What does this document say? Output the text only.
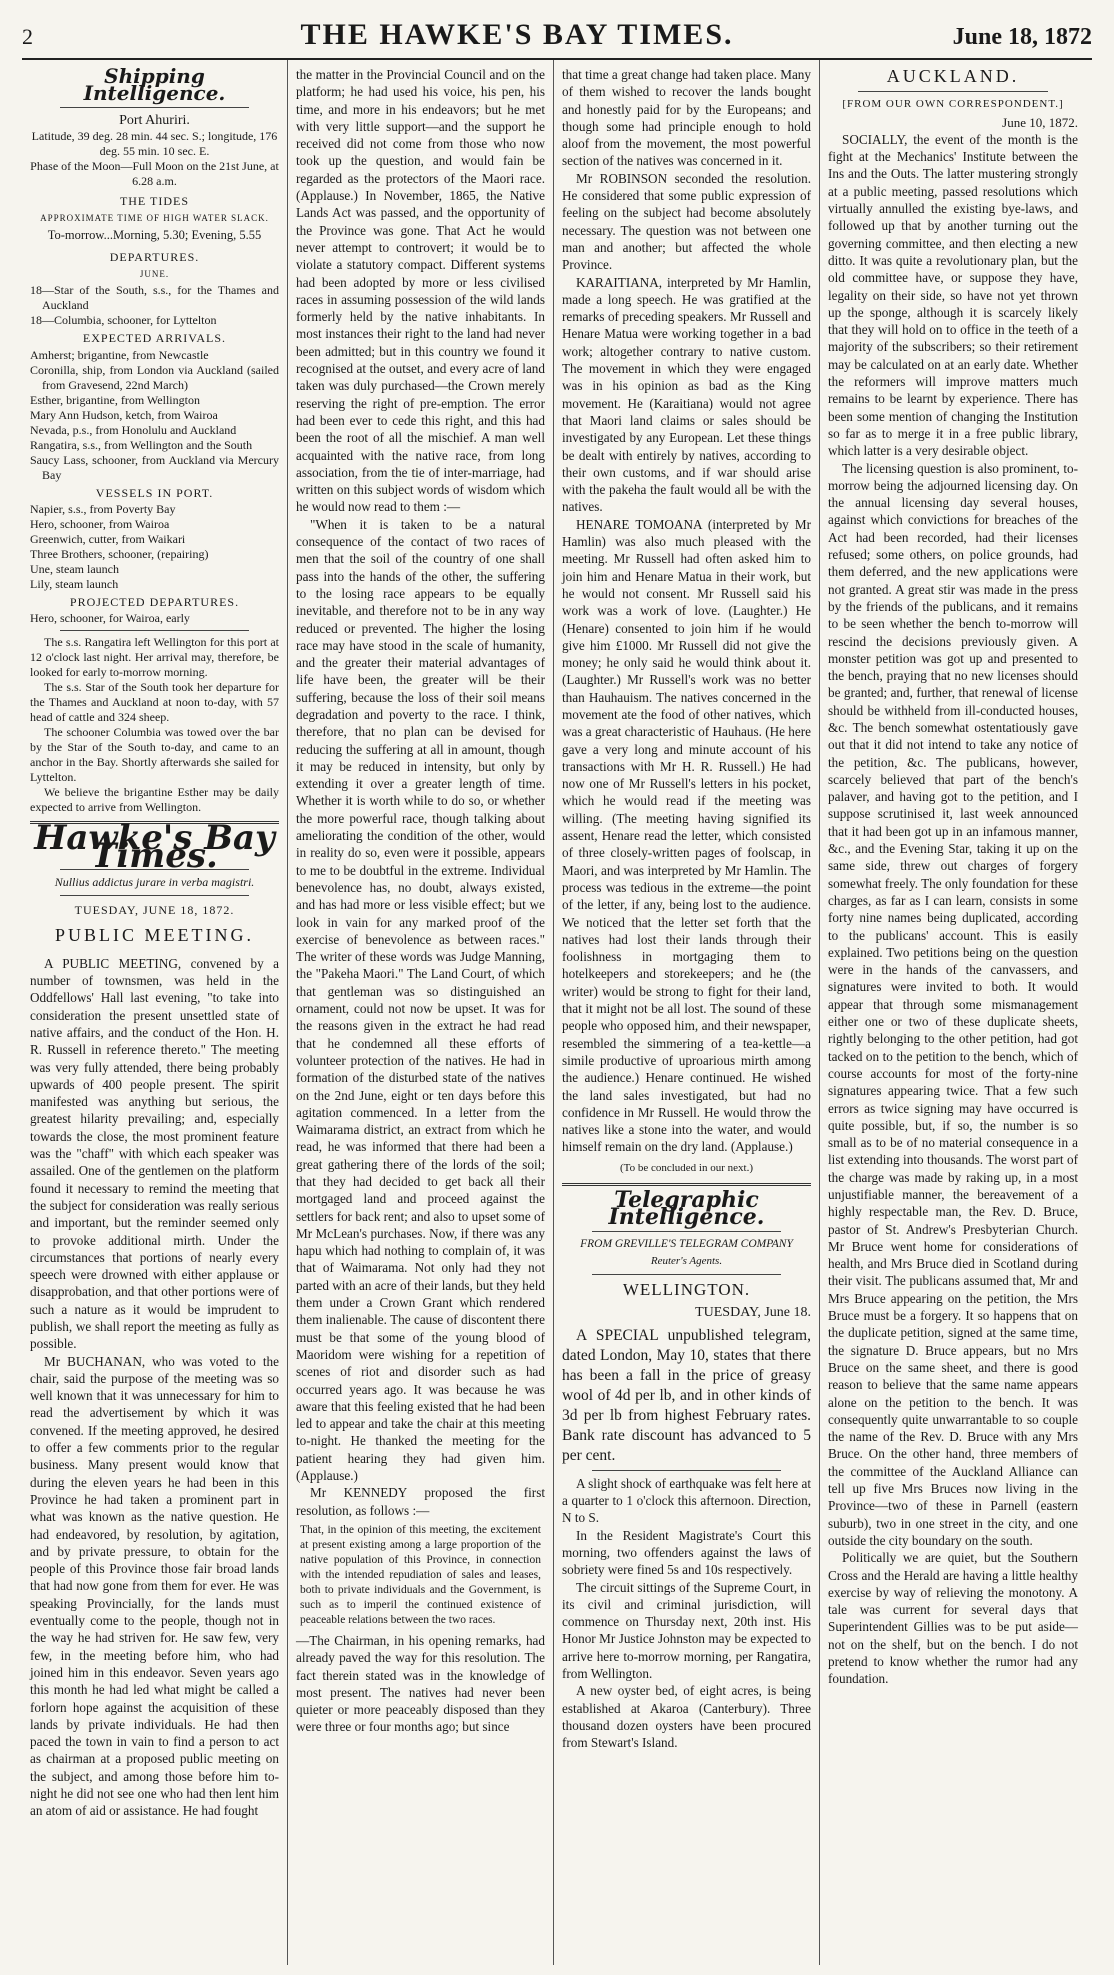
2	THE HAWKE'S BAY TIMES.	June 18, 1872
Shipping Intelligence.
Port Ahuriri.
Latitude, 39 deg. 28 min. 44 sec. S.; longitude, 176 deg. 55 min. 10 sec. E.
Phase of the Moon—Full Moon on the 21st June, at 6.28 a.m.
THE TIDES
APPROXIMATE TIME OF HIGH WATER SLACK.
To-morrow...Morning, 5.30; Evening, 5.55
DEPARTURES.
JUNE.
18—Star of the South, s.s., for the Thames and Auckland
18—Columbia, schooner, for Lyttelton
EXPECTED ARRIVALS.
Amherst; brigantine, from Newcastle
Coronilla, ship, from London via Auckland (sailed from Gravesend, 22nd March)
Esther, brigantine, from Wellington
Mary Ann Hudson, ketch, from Wairoa
Nevada, p.s., from Honolulu and Auckland
Rangatira, s.s., from Wellington and the South
Saucy Lass, schooner, from Auckland via Mercury Bay
VESSELS IN PORT.
Napier, s.s., from Poverty Bay
Hero, schooner, from Wairoa
Greenwich, cutter, from Waikari
Three Brothers, schooner, (repairing)
Une, steam launch
Lily, steam launch
PROJECTED DEPARTURES.
Hero, schooner, for Wairoa, early

The s.s. Rangatira left Wellington for this port at 12 o'clock last night. Her arrival may, therefore, be looked for early to-morrow morning.

The s.s. Star of the South took her departure for the Thames and Auckland at noon to-day, with 57 head of cattle and 324 sheep.

The schooner Columbia was towed over the bar by the Star of the South to-day, and came to an anchor in the Bay. Shortly afterwards she sailed for Lyttelton.

We believe the brigantine Esther may be daily expected to arrive from Wellington.

Hawke's Bay Times.
Nullius addictus jurare in verba magistri.
TUESDAY, JUNE 18, 1872.
PUBLIC MEETING.

A PUBLIC MEETING, convened by a number of townsmen, was held in the Oddfellows' Hall last evening, "to take into consideration the present unsettled state of native affairs, and the conduct of the Hon. H. R. Russell in reference thereto." The meeting was very fully attended, there being probably upwards of 400 people present. The spirit manifested was anything but serious, the greatest hilarity prevailing; and, especially towards the close, the most prominent feature was the "chaff" with which each speaker was assailed. One of the gentlemen on the platform found it necessary to remind the meeting that the subject for consideration was really serious and important, but the reminder seemed only to provoke additional mirth. Under the circumstances that portions of nearly every speech were drowned with either applause or disapprobation, and that other portions were of such a nature as it would be imprudent to publish, we shall report the meeting as fully as possible.

Mr BUCHANAN, who was voted to the chair, said the purpose of the meeting was so well known that it was unnecessary for him to read the advertisement by which it was convened. If the meeting approved, he desired to offer a few comments prior to the regular business. Many present would know that during the eleven years he had been in this Province he had taken a prominent part in what was known as the native question. He had endeavored, by resolution, by agitation, and by private pressure, to obtain for the people of this Province those fair broad lands that had now gone from them for ever. He was speaking Provincially, for the lands must eventually come to the people, though not in the way he had striven for. He saw few, very few, in the meeting before him, who had joined him in this endeavor. Seven years ago this month he had led what might be called a forlorn hope against the acquisition of these lands by private individuals. He had then paced the town in vain to find a person to act as chairman at a proposed public meeting on the subject, and among those before him to-night he did not see one who had then lent him an atom of aid or assistance. He had fought

the matter in the Provincial Council and on the platform; he had used his voice, his pen, his time, and more in his endeavors; but he met with very little support—and the support he received did not come from those who now took up the question, and would fain be regarded as the protectors of the Maori race. (Applause.) In November, 1865, the Native Lands Act was passed, and the opportunity of the Province was gone. That Act he would never attempt to controvert; it would be to violate a statutory compact. Different systems had been adopted by more or less civilised races in assuming possession of the wild lands formerly held by the native inhabitants. In most instances their right to the land had never been admitted; but in this country we found it recognised at the outset, and every acre of land taken was duly purchased—the Crown merely reserving the right of pre-emption. The error had been ever to cede this right, and this had been the root of all the mischief. A man well acquainted with the native race, from long association, from the tie of inter-marriage, had written on this subject words of wisdom which he would now read to them :—

"When it is taken to be a natural consequence of the contact of two races of men that the soil of the country of one shall pass into the hands of the other, the suffering to the losing race appears to be equally inevitable, and therefore not to be in any way reduced or prevented. The higher the losing race may have stood in the scale of humanity, and the greater their material advantages of life have been, the greater will be their suffering, because the loss of their soil means degradation and poverty to the race. I think, therefore, that no plan can be devised for reducing the suffering at all in amount, though it may be reduced in intensity, but only by extending it over a greater length of time. Whether it is worth while to do so, or whether the more powerful race, though talking about ameliorating the condition of the other, would in reality do so, even were it possible, appears to me to be doubtful in the extreme. Individual benevolence has, no doubt, always existed, and has had more or less visible effect; but we look in vain for any marked proof of the exercise of benevolence as between races." The writer of these words was Judge Manning, the "Pakeha Maori." The Land Court, of which that gentleman was so distinguished an ornament, could not now be upset. It was for the reasons given in the extract he had read that he condemned all these efforts of volunteer protection of the natives. He had in formation of the disturbed state of the natives on the 2nd June, eight or ten days before this agitation commenced. In a letter from the Waimarama district, an extract from which he read, he was informed that there had been a great gathering there of the lords of the soil; that they had decided to get back all their mortgaged land and proceed against the settlers for back rent; and also to upset some of Mr McLean's purchases. Now, if there was any hapu which had nothing to complain of, it was that of Waimarama. Not only had they not parted with an acre of their lands, but they held them under a Crown Grant which rendered them inalienable. The cause of discontent there must be that some of the young blood of Maoridom were wishing for a repetition of scenes of riot and disorder such as had occurred years ago. It was because he was aware that this feeling existed that he had been led to appear and take the chair at this meeting to-night. He thanked the meeting for the patient hearing they had given him. (Applause.)

Mr KENNEDY proposed the first resolution, as follows :—

That, in the opinion of this meeting, the excitement at present existing among a large proportion of the native population of this Province, in connection with the intended repudiation of sales and leases, both to private individuals and the Government, is such as to imperil the continued existence of peaceable relations between the two races.

—The Chairman, in his opening remarks, had already paved the way for this resolution. The fact therein stated was in the knowledge of most present. The natives had never been quieter or more peaceably disposed than they were three or four months ago; but since

that time a great change had taken place. Many of them wished to recover the lands bought and honestly paid for by the Europeans; and though some had principle enough to hold aloof from the movement, the most powerful section of the natives was concerned in it.

Mr ROBINSON seconded the resolution. He considered that some public expression of feeling on the subject had become absolutely necessary. The question was not between one man and another; but affected the whole Province.

KARAITIANA, interpreted by Mr Hamlin, made a long speech. He was gratified at the remarks of preceding speakers. Mr Russell and Henare Matua were working together in a bad work; altogether contrary to native custom. The movement in which they were engaged was in his opinion as bad as the King movement. He (Karaitiana) would not agree that Maori land claims or sales should be investigated by any European. Let these things be dealt with entirely by natives, according to their own customs, and if war should arise with the pakeha the fault would all be with the natives.

HENARE TOMOANA (interpreted by Mr Hamlin) was also much pleased with the meeting. Mr Russell had often asked him to join him and Henare Matua in their work, but he would not consent. Mr Russell said his work was a work of love. (Laughter.) He (Henare) consented to join him if he would give him £1000. Mr Russell did not give the money; he only said he would think about it. (Laughter.) Mr Russell's work was no better than Hauhauism. The natives concerned in the movement ate the food of other natives, which was a great characteristic of Hauhaus. (He here gave a very long and minute account of his transactions with Mr H. R. Russell.) He had now one of Mr Russell's letters in his pocket, which he would read if the meeting was willing. (The meeting having signified its assent, Henare read the letter, which consisted of three closely-written pages of foolscap, in Maori, and was interpreted by Mr Hamlin. The process was tedious in the extreme—the point of the letter, if any, being lost to the audience. We noticed that the letter set forth that the natives had lost their lands through their foolishness in mortgaging them to hotelkeepers and storekeepers; and he (the writer) would be strong to fight for their land, that it might not be all lost. The sound of these people who opposed him, and their newspaper, resembled the simmering of a tea-kettle—a simile productive of uproarious mirth among the audience.) Henare continued. He wished the land sales investigated, but had no confidence in Mr Russell. He would throw the natives like a stone into the water, and would himself remain on the dry land. (Applause.)

(To be concluded in our next.)
Telegraphic Intelligence.
FROM GREVILLE'S TELEGRAM COMPANY
Reuter's Agents.
WELLINGTON.
TUESDAY, June 18.

A SPECIAL unpublished telegram, dated London, May 10, states that there has been a fall in the price of greasy wool of 4d per lb, and in other kinds of 3d per lb from highest February rates. Bank rate discount has advanced to 5 per cent.

A slight shock of earthquake was felt here at a quarter to 1 o'clock this afternoon. Direction, N to S.

In the Resident Magistrate's Court this morning, two offenders against the laws of sobriety were fined 5s and 10s respectively.

The circuit sittings of the Supreme Court, in its civil and criminal jurisdiction, will commence on Thursday next, 20th inst. His Honor Mr Justice Johnston may be expected to arrive here to-morrow morning, per Rangatira, from Wellington.

A new oyster bed, of eight acres, is being established at Akaroa (Canterbury). Three thousand dozen oysters have been procured from Stewart's Island.

AUCKLAND.
[FROM OUR OWN CORRESPONDENT.]
June 10, 1872.

SOCIALLY, the event of the month is the fight at the Mechanics' Institute between the Ins and the Outs. The latter mustering strongly at a public meeting, passed resolutions which virtually annulled the existing bye-laws, and followed up that by another turning out the governing committee, and then electing a new ditto. It was quite a revolutionary plan, but the old committee have, or suppose they have, legality on their side, so have not yet thrown up the sponge, although it is scarcely likely that they will hold on to office in the teeth of a majority of the subscribers; so their retirement may be calculated on at an early date. Whether the reformers will improve matters much remains to be learnt by experience. There has been some mention of changing the Institution so far as to merge it in a free public library, which latter is a very desirable object.

The licensing question is also prominent, to-morrow being the adjourned licensing day. On the annual licensing day several houses, against which convictions for breaches of the Act had been recorded, had their licenses refused; some others, on police grounds, had them deferred, and the new applications were not granted. A great stir was made in the press by the friends of the publicans, and it remains to be seen whether the bench to-morrow will rescind the decisions previously given. A monster petition was got up and presented to the bench, praying that no new licenses should be granted; and, further, that renewal of license should be withheld from ill-conducted houses, &c. The bench somewhat ostentatiously gave out that it did not intend to take any notice of the petition, &c. The publicans, however, scarcely believed that part of the bench's palaver, and having got to the petition, and I suppose scrutinised it, last week announced that it had been got up in an infamous manner, &c., and the Evening Star, taking it up on the same side, threw out charges of forgery somewhat freely. The only foundation for these charges, as far as I can learn, consists in some forty nine names being duplicated, according to the publicans' account. This is easily explained. Two petitions being on the question were in the hands of the canvassers, and signatures were invited to both. It would appear that through some mismanagement either one or two of these duplicate sheets, rightly belonging to the other petition, had got tacked on to the petition to the bench, which of course accounts for most of the forty-nine signatures appearing twice. That a few such errors as twice signing may have occurred is quite possible, but, if so, the number is so small as to be of no material consequence in a list extending into thousands. The worst part of the charge was made by raking up, in a most unjustifiable manner, the bereavement of a highly respectable man, the Rev. D. Bruce, pastor of St. Andrew's Presbyterian Church. Mr Bruce went home for considerations of health, and Mrs Bruce died in Scotland during their visit. The publicans assumed that, Mr and Mrs Bruce appearing on the petition, the Mrs Bruce must be a forgery. It so happens that on the duplicate petition, signed at the same time, the signature D. Bruce appears, but no Mrs Bruce on the same sheet, and there is good reason to believe that the same name appears alone on the petition to the bench. It was consequently quite unwarrantable to so couple the name of the Rev. D. Bruce with any Mrs Bruce. On the other hand, three members of the committee of the Auckland Alliance can tell up five Mrs Bruces now living in the Province—two of these in Parnell (eastern suburb), two in one street in the city, and one outside the city boundary on the south.

Politically we are quiet, but the Southern Cross and the Herald are having a little healthy exercise by way of relieving the monotony. A tale was current for several days that Superintendent Gillies was to be put aside—not on the shelf, but on the bench. I do not pretend to know whether the rumor had any foundation.
